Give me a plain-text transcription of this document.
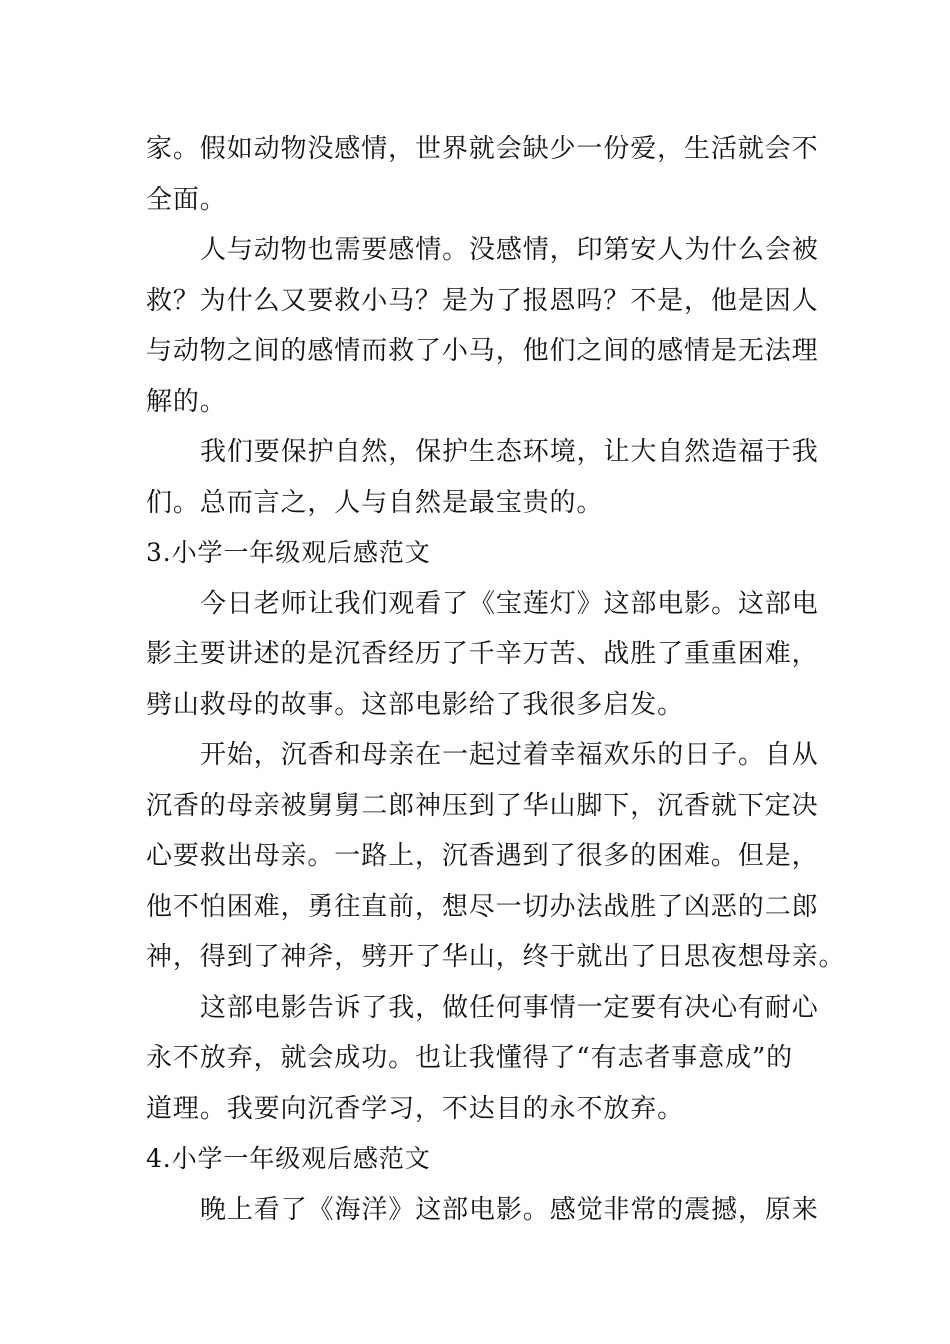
家。假如动物没感情，世界就会缺少一份爱，生活就会不
全面。
人与动物也需要感情。没感情，印第安人为什么会被
救？为什么又要救小马？是为了报恩吗？不是，他是因人
与动物之间的感情而救了小马，他们之间的感情是无法理
解的。
我们要保护自然，保护生态环境，让大自然造福于我
们。总而言之，人与自然是最宝贵的。
3.小学一年级观后感范文
今日老师让我们观看了《宝莲灯》这部电影。这部电
影主要讲述的是沉香经历了千辛万苦、战胜了重重困难，
劈山救母的故事。这部电影给了我很多启发。
开始，沉香和母亲在一起过着幸福欢乐的日子。自从
沉香的母亲被舅舅二郎神压到了华山脚下，沉香就下定决
心要救出母亲。一路上，沉香遇到了很多的困难。但是，
他不怕困难，勇往直前，想尽一切办法战胜了凶恶的二郎
神，得到了神斧，劈开了华山，终于就出了日思夜想母亲。
这部电影告诉了我，做任何事情一定要有决心有耐心
永不放弃，就会成功。也让我懂得了“有志者事意成”的
道理。我要向沉香学习，不达目的永不放弃。
4.小学一年级观后感范文
晚上看了《海洋》这部电影。感觉非常的震撼，原来
